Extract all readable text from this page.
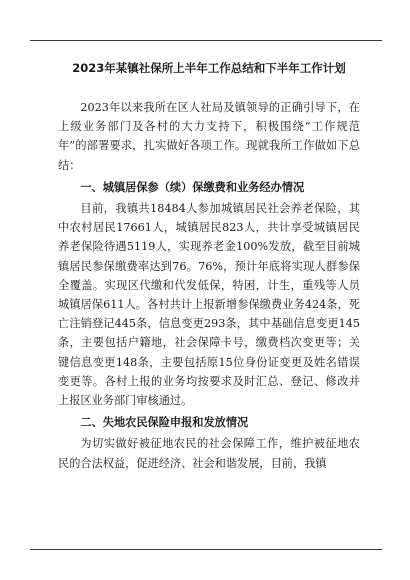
2023年某镇社保所上半年工作总结和下半年工作计划

2023年以来我所在区人社局及镇领导的正确引导下，在上级业务部门及各村的大力支持下，积极围绕“工作规范年”的部署要求，扎实做好各项工作。现就我所工作做如下总结：

一、城镇居保参（续）保缴费和业务经办情况

目前，我镇共18484人参加城镇居民社会养老保险，其中农村居民17661人，城镇居民823人，共计享受城镇居民养老保险待遇5119人，实现养老金100%发放，截至目前城镇居民参保缴费率达到76。76%，预计年底将实现人群参保全覆盖。实现区代缴和代发低保，特困，计生，重残等人员城镇居保611人。各村共计上报新增参保缴费业务424条，死亡注销登记445条，信息变更293条，其中基础信息变更145条，主要包括户籍地，社会保障卡号，缴费档次变更等；关键信息变更148条，主要包括原15位身份证变更及姓名错误变更等。各村上报的业务均按要求及时汇总、登记、修改并上报区业务部门审核通过。

二、失地农民保险申报和发放情况

为切实做好被征地农民的社会保障工作，维护被征地农民的合法权益，促进经济、社会和谐发展，目前，我镇
